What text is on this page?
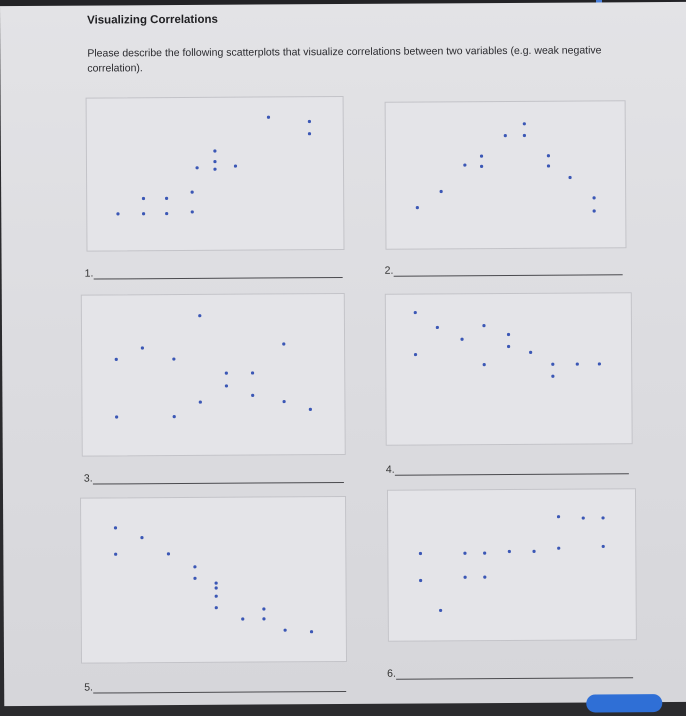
Visualizing Correlations
Please describe the following scatterplots that visualize correlations between two variables (e.g. weak negative correlation).
1.	2.
3.
4.
5.
6.
